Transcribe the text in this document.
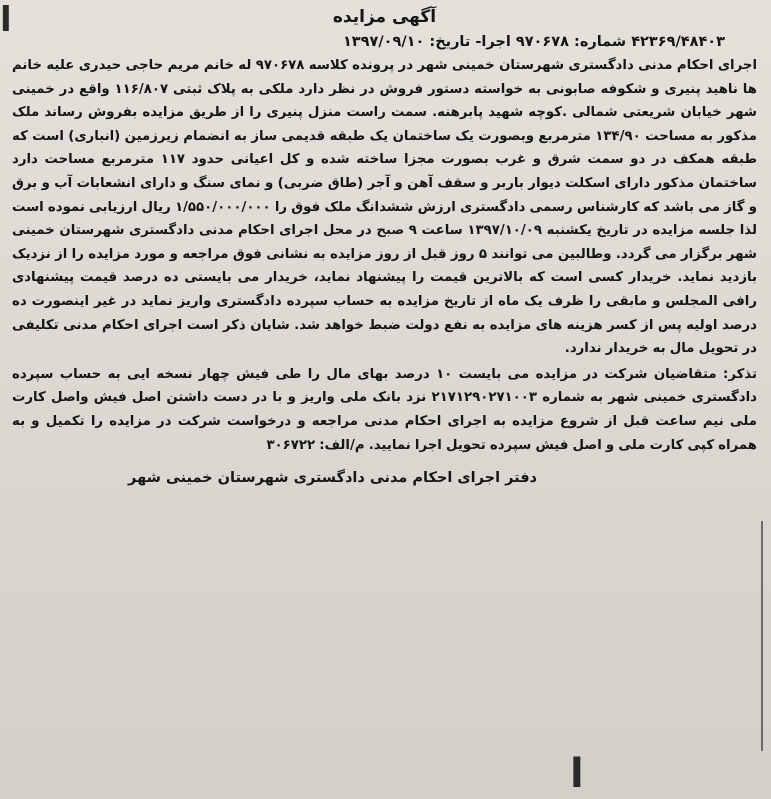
ا	آگهی مزایده
۴۲۳۶۹/۴۸۴۰۳ شماره: ۹۷۰۶۷۸ اجرا- تاریخ: ۱۳۹۷/۰۹/۱۰
اجرای احکام مدنی دادگستری شهرستان خمینی شهر در پرونده کلاسه ۹۷۰۶۷۸ له خانم مریم حاجی حیدری علیه خانم ها ناهید پنیری و شکوفه صابونی به خواسته دستور فروش در نظر دارد ملکی به پلاک ثبتی ۱۱۶/۸۰۷ واقع در خمینی شهر خیابان شریعتی شمالی .کوچه شهید پابرهنه. سمت راست منزل پنیری را از طریق مزایده بفروش رساند ملک مذکور به مساحت ۱۳۴/۹۰ مترمربع وبصورت یک ساختمان یک طبقه قدیمی ساز به انضمام زیرزمین (انباری) است که طبقه همکف در دو سمت شرق و غرب بصورت مجزا ساخته شده و کل اعیانی حدود ۱۱۷ مترمربع مساحت دارد ساختمان مذکور دارای اسکلت دیوار باربر و سقف آهن و آجر (طاق ضربی) و نمای سنگ و دارای انشعابات آب و برق و گاز می باشد که کارشناس رسمی دادگستری ارزش ششدانگ ملک فوق را ۱/۵۵۰/۰۰۰/۰۰۰ ریال ارزیابی نموده است لذا جلسه مزایده در تاریخ یکشنبه ۱۳۹۷/۱۰/۰۹ ساعت ۹ صبح در محل اجرای احکام مدنی دادگستری شهرستان خمینی شهر برگزار می گردد. وطالبین می توانند ۵ روز قبل از روز مزایده به نشانی فوق مراجعه و مورد مزایده را از نزدیک بازدید نماید. خریدار کسی است که بالاترین قیمت را پیشنهاد نماید، خریدار می بایستی ده درصد قیمت پیشنهادی رافی المجلس و مابقی را ظرف یک ماه از تاریخ مزایده به حساب سپرده دادگستری واریز نماید در غیر اینصورت ده درصد اولیه پس از کسر هزینه های مزایده به نفع دولت ضبط خواهد شد. شایان ذکر است اجرای احکام مدنی تکلیفی در تحویل مال به خریدار ندارد.
تذکر: متقاضیان شرکت در مزایده می بایست ۱۰ درصد بهای مال را طی فیش چهار نسخه ایی به حساب سپرده دادگستری خمینی شهر به شماره ۲۱۷۱۲۹۰۲۷۱۰۰۳ نزد بانک ملی واریز و با در دست داشتن اصل فیش واصل کارت ملی نیم ساعت قبل از شروع مزایده به اجرای احکام مدنی مراجعه و درخواست شرکت در مزایده را تکمیل و به همراه کپی کارت ملی و اصل فیش سپرده تحویل اجرا نمایید. م/الف: ۳۰۶۷۲۲
دفتر اجرای احکام مدنی دادگستری شهرستان خمینی شهر
ا
